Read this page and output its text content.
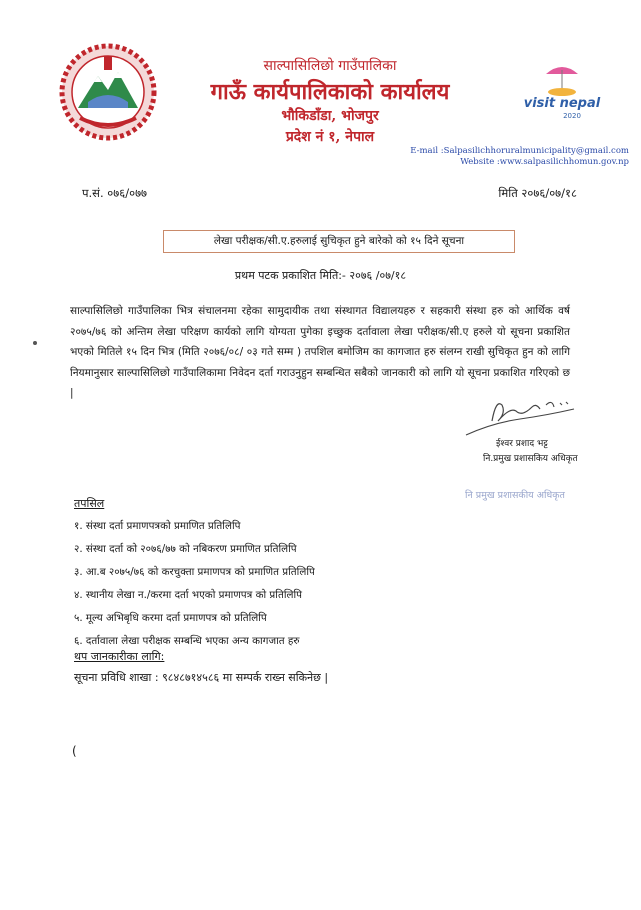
साल्पासिलिछो गाउँपालिका
गाऊँ कार्यपालिकाको कार्यालय
भौकिडाँडा, भोजपुर
प्रदेश नं १, नेपाल
visit nepal
2020
E-mail :Salpasilichhoruralmunicipality@gmail.com
Website :www.salpasilichhomun.gov.np
प.सं. ०७६/०७७	मिति २०७६/०७/१८
लेखा परीक्षक/सी.ए.हरुलाई सुचिकृत हुने बारेको को १५ दिने सूचना
प्रथम पटक प्रकाशित मिति:- २०७६ /०७/१८
साल्पासिलिछो गाउँपालिका भित्र संचालनमा रहेका सामुदायीक तथा संस्थागत विद्यालयहरु र सहकारी संस्था हरु को आर्थिक वर्ष २०७५/७६ को अन्तिम लेखा परिक्षण कार्यको लागि योग्यता पुगेका इच्छुक दर्तावाला लेखा परीक्षक/सी.ए हरुले यो सूचना प्रकाशित भएको मितिले १५ दिन भित्र (मिति २०७६/०८/ ०३ गते सम्म ) तपशिल बमोजिम का कागजात हरु संलग्न राखी सुचिकृत हुन को लागि नियमानुसार साल्पासिलिछो गाउँपालिकामा निवेदन दर्ता गराउनुहुन सम्बन्धित सबैको जानकारी को लागि यो सूचना प्रकाशित गरिएको छ |
ईश्वर प्रशाद भट्ट
नि.प्रमुख प्रशासकिय अधिकृत
नि प्रमुख प्रशासकीय अधिकृत
तपसिल
१. संस्था दर्ता प्रमाणपत्रको प्रमाणित प्रतिलिपि
२. संस्था दर्ता को २०७६/७७ को नबिकरण प्रमाणित प्रतिलिपि
३. आ.ब २०७५/७६ को करचुक्ता प्रमाणपत्र को प्रमाणित प्रतिलिपि
४. स्थानीय लेखा न./करमा दर्ता भएको प्रमाणपत्र को प्रतिलिपि
५. मूल्य अभिबृधि करमा दर्ता प्रमाणपत्र को प्रतिलिपि
६. दर्तावाला लेखा परीक्षक सम्बन्धि भएका अन्य कागजात हरु
थप जानकारीका लागि:
सूचना प्रविधि शाखा : ९८४८७१४५८६ मा सम्पर्क राख्न सकिनेछ |
(
